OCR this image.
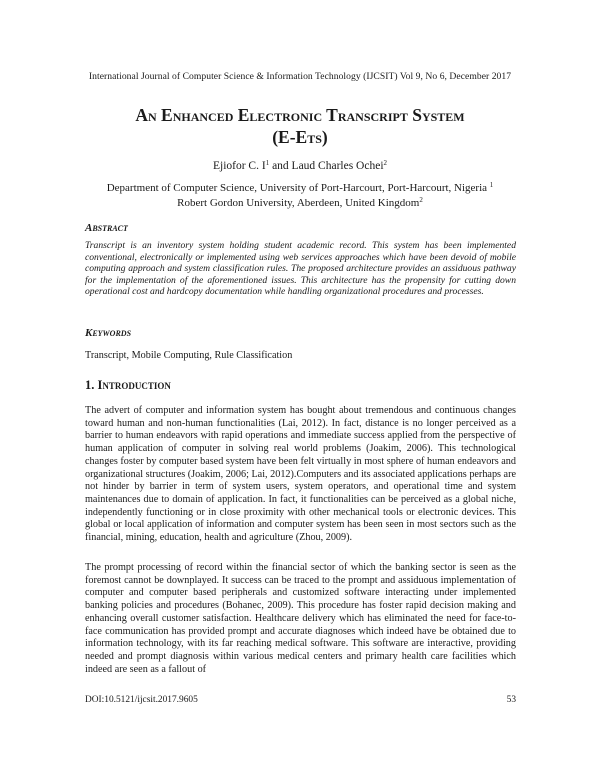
International Journal of Computer Science & Information Technology (IJCSIT) Vol 9, No 6, December 2017
An Enhanced Electronic Transcript System
(E-Ets)
Ejiofor C. $I^1$ and Laud Charles Ochei$^2$
Department of Computer Science, University of Port-Harcourt, Port-Harcourt, Nigeria $^1$
Robert Gordon University, Aberdeen, United Kingdom$^2$
Abstract

Transcript is an inventory system holding student academic record. This system has been implemented conventional, electronically or implemented using web services approaches which have been devoid of mobile computing approach and system classification rules. The proposed architecture provides an assiduous pathway for the implementation of the aforementioned issues. This architecture has the propensity for cutting down operational cost and hardcopy documentation while handling organizational procedures and processes.

Keywords
Transcript, Mobile Computing, Rule Classification
1. Introduction

The advert of computer and information system has bought about tremendous and continuous changes toward human and non-human functionalities (Lai, 2012). In fact, distance is no longer perceived as a barrier to human endeavors with rapid operations and immediate success applied from the perspective of human application of computer in solving real world problems (Joakim, 2006). This technological changes foster by computer based system have been felt virtually in most sphere of human endeavors and organizational structures (Joakim, 2006; Lai, 2012).Computers and its associated applications perhaps are not hinder by barrier in term of system users, system operators, and operational time and system maintenances due to domain of application. In fact, it functionalities can be perceived as a global niche, independently functioning or in close proximity with other mechanical tools or electronic devices. This global or local application of information and computer system has been seen in most sectors such as the financial, mining, education, health and agriculture (Zhou, 2009).

The prompt processing of record within the financial sector of which the banking sector is seen as the foremost cannot be downplayed. It success can be traced to the prompt and assiduous implementation of computer and computer based peripherals and customized software interacting under implemented banking policies and procedures (Bohanec, 2009). This procedure has foster rapid decision making and enhancing overall customer satisfaction. Healthcare delivery which has eliminated the need for face-to-face communication has provided prompt and accurate diagnoses which indeed have be obtained due to information technology, with its far reaching medical software. This software are interactive, providing needed and prompt diagnosis within various medical centers and primary health care facilities which indeed are seen as a fallout of

DOI:10.5121/ijcsit.2017.9605	53
